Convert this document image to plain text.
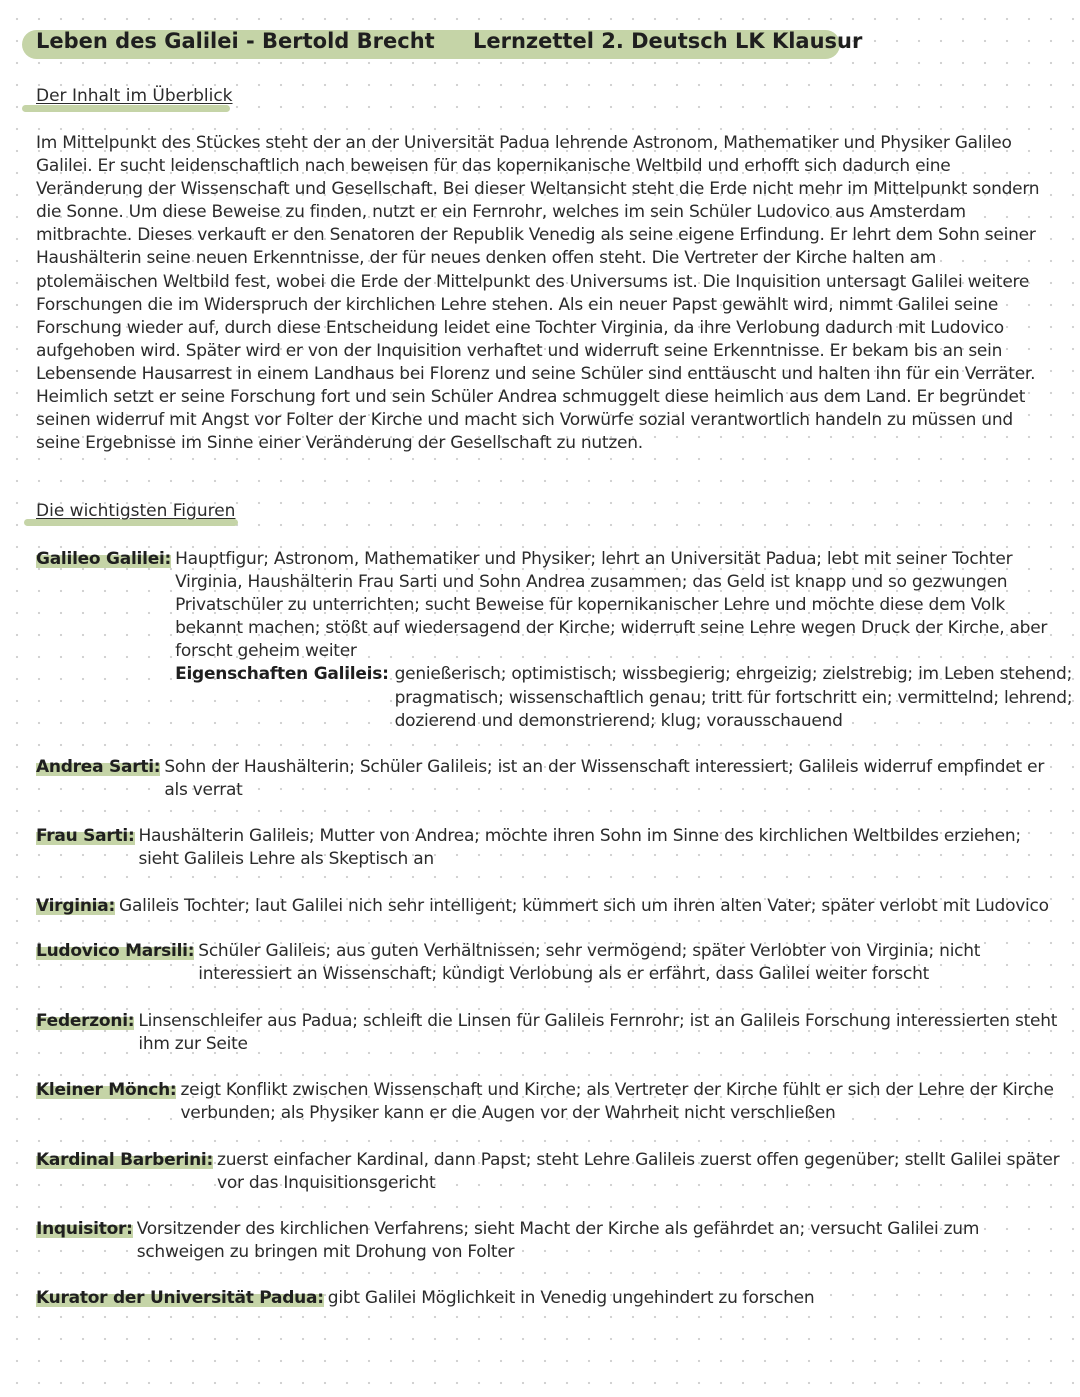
Leben des Galilei - Bertold Brecht Lernzettel 2. Deutsch LK Klausur
Der Inhalt im Überblick
Im Mittelpunkt des Stückes steht der an der Universität Padua lehrende Astronom, Mathematiker und Physiker Galileo
Galilei. Er sucht leidenschaftlich nach beweisen für das kopernikanische Weltbild und erhofft sich dadurch eine
Veränderung der Wissenschaft und Gesellschaft. Bei dieser Weltansicht steht die Erde nicht mehr im Mittelpunkt sondern
die Sonne. Um diese Beweise zu finden, nutzt er ein Fernrohr, welches im sein Schüler Ludovico aus Amsterdam
mitbrachte. Dieses verkauft er den Senatoren der Republik Venedig als seine eigene Erfindung. Er lehrt dem Sohn seiner
Haushälterin seine neuen Erkenntnisse, der für neues denken offen steht. Die Vertreter der Kirche halten am
ptolemäischen Weltbild fest, wobei die Erde der Mittelpunkt des Universums ist. Die Inquisition untersagt Galilei weitere
Forschungen die im Widerspruch der kirchlichen Lehre stehen. Als ein neuer Papst gewählt wird, nimmt Galilei seine
Forschung wieder auf, durch diese Entscheidung leidet eine Tochter Virginia, da ihre Verlobung dadurch mit Ludovico
aufgehoben wird. Später wird er von der Inquisition verhaftet und widerruft seine Erkenntnisse. Er bekam bis an sein
Lebensende Hausarrest in einem Landhaus bei Florenz und seine Schüler sind enttäuscht und halten ihn für ein Verräter.
Heimlich setzt er seine Forschung fort und sein Schüler Andrea schmuggelt diese heimlich aus dem Land. Er begründet
seinen widerruf mit Angst vor Folter der Kirche und macht sich Vorwürfe sozial verantwortlich handeln zu müssen und
seine Ergebnisse im Sinne einer Veränderung der Gesellschaft zu nutzen.
Die wichtigsten Figuren
Galileo Galilei: Hauptfigur; Astronom, Mathematiker und Physiker; lehrt an Universität Padua; lebt mit seiner Tochter
Virginia, Haushälterin Frau Sarti und Sohn Andrea zusammen; das Geld ist knapp und so gezwungen
Privatschüler zu unterrichten; sucht Beweise für kopernikanischer Lehre und möchte diese dem Volk
bekannt machen; stößt auf wiedersagend der Kirche; widerruft seine Lehre wegen Druck der Kirche, aber
forscht geheim weiter
Eigenschaften Galileis: genießerisch; optimistisch; wissbegierig; ehrgeizig; zielstrebig; im Leben stehend;
pragmatisch; wissenschaftlich genau; tritt für fortschritt ein; vermittelnd; lehrend;
dozierend und demonstrierend; klug; vorausschauend
Andrea Sarti: Sohn der Haushälterin; Schüler Galileis; ist an der Wissenschaft interessiert; Galileis widerruf empfindet er
als verrat
Frau Sarti: Haushälterin Galileis; Mutter von Andrea; möchte ihren Sohn im Sinne des kirchlichen Weltbildes erziehen;
sieht Galileis Lehre als Skeptisch an
Virginia: Galileis Tochter; laut Galilei nich sehr intelligent; kümmert sich um ihren alten Vater; später verlobt mit Ludovico
Ludovico Marsili: Schüler Galileis; aus guten Verhältnissen; sehr vermögend; später Verlobter von Virginia; nicht
interessiert an Wissenschaft; kündigt Verlobung als er erfährt, dass Galilei weiter forscht
Federzoni: Linsenschleifer aus Padua; schleift die Linsen für Galileis Fernrohr; ist an Galileis Forschung interessierten steht
ihm zur Seite
Kleiner Mönch: zeigt Konflikt zwischen Wissenschaft und Kirche; als Vertreter der Kirche fühlt er sich der Lehre der Kirche
verbunden; als Physiker kann er die Augen vor der Wahrheit nicht verschließen
Kardinal Barberini: zuerst einfacher Kardinal, dann Papst; steht Lehre Galileis zuerst offen gegenüber; stellt Galilei später
vor das Inquisitionsgericht
Inquisitor: Vorsitzender des kirchlichen Verfahrens; sieht Macht der Kirche als gefährdet an; versucht Galilei zum
schweigen zu bringen mit Drohung von Folter
Kurator der Universität Padua: gibt Galilei Möglichkeit in Venedig ungehindert zu forschen
